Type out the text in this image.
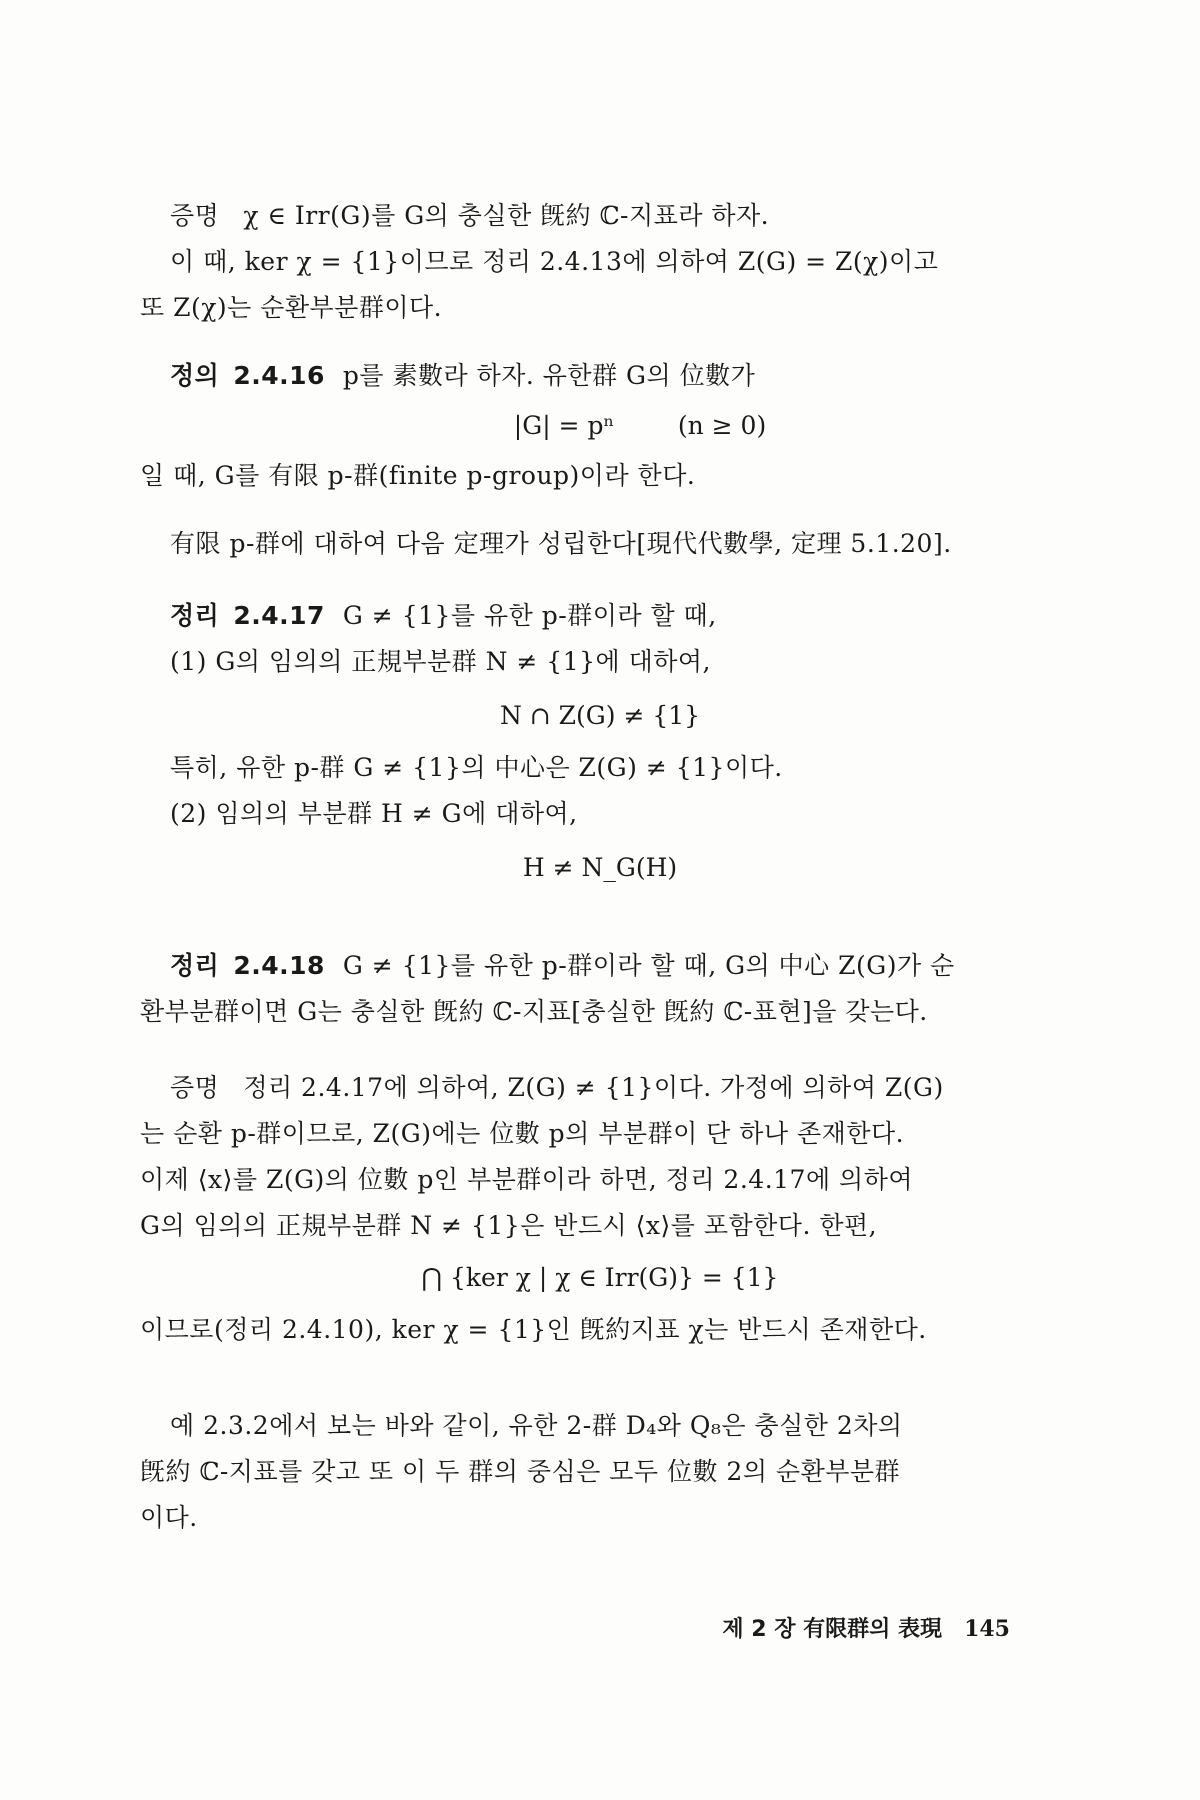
증명 χ ∈ Irr(G)를 G의 충실한 旣約 ℂ-지표라 하자.
이 때, ker χ = {1}이므로 정리 2.4.13에 의하여 Z(G) = Z(χ)이고
또 Z(χ)는 순환부분群이다.
정의 2.4.16 p를 素數라 하자. 유한群 G의 位數가
|G| = pⁿ        (n ≥ 0)
일 때, G를 有限 p-群(finite p-group)이라 한다.
有限 p-群에 대하여 다음 定理가 성립한다[現代代數學, 定理 5.1.20].
정리 2.4.17 G ≠ {1}를 유한 p-群이라 할 때,
(1) G의 임의의 正規부분群 N ≠ {1}에 대하여,
N ∩ Z(G) ≠ {1}
특히, 유한 p-群 G ≠ {1}의 中心은 Z(G) ≠ {1}이다.
(2) 임의의 부분群 H ≠ G에 대하여,
H ≠ N_G(H)
정리 2.4.18 G ≠ {1}를 유한 p-群이라 할 때, G의 中心 Z(G)가 순
환부분群이면 G는 충실한 旣約 ℂ-지표[충실한 旣約 ℂ-표현]을 갖는다.
증명 정리 2.4.17에 의하여, Z(G) ≠ {1}이다. 가정에 의하여 Z(G)
는 순환 p-群이므로, Z(G)에는 位數 p의 부분群이 단 하나 존재한다.
이제 ⟨x⟩를 Z(G)의 位數 p인 부분群이라 하면, 정리 2.4.17에 의하여
G의 임의의 正規부분群 N ≠ {1}은 반드시 ⟨x⟩를 포함한다. 한편,
⋂ {ker χ | χ ∈ Irr(G)} = {1}
이므로(정리 2.4.10), ker χ = {1}인 旣約지표 χ는 반드시 존재한다.
예 2.3.2에서 보는 바와 같이, 유한 2-群 D₄와 Q₈은 충실한 2차의
旣約 ℂ-지표를 갖고 또 이 두 群의 중심은 모두 位數 2의 순환부분群
이다.
제 2 장 有限群의 表現 145
